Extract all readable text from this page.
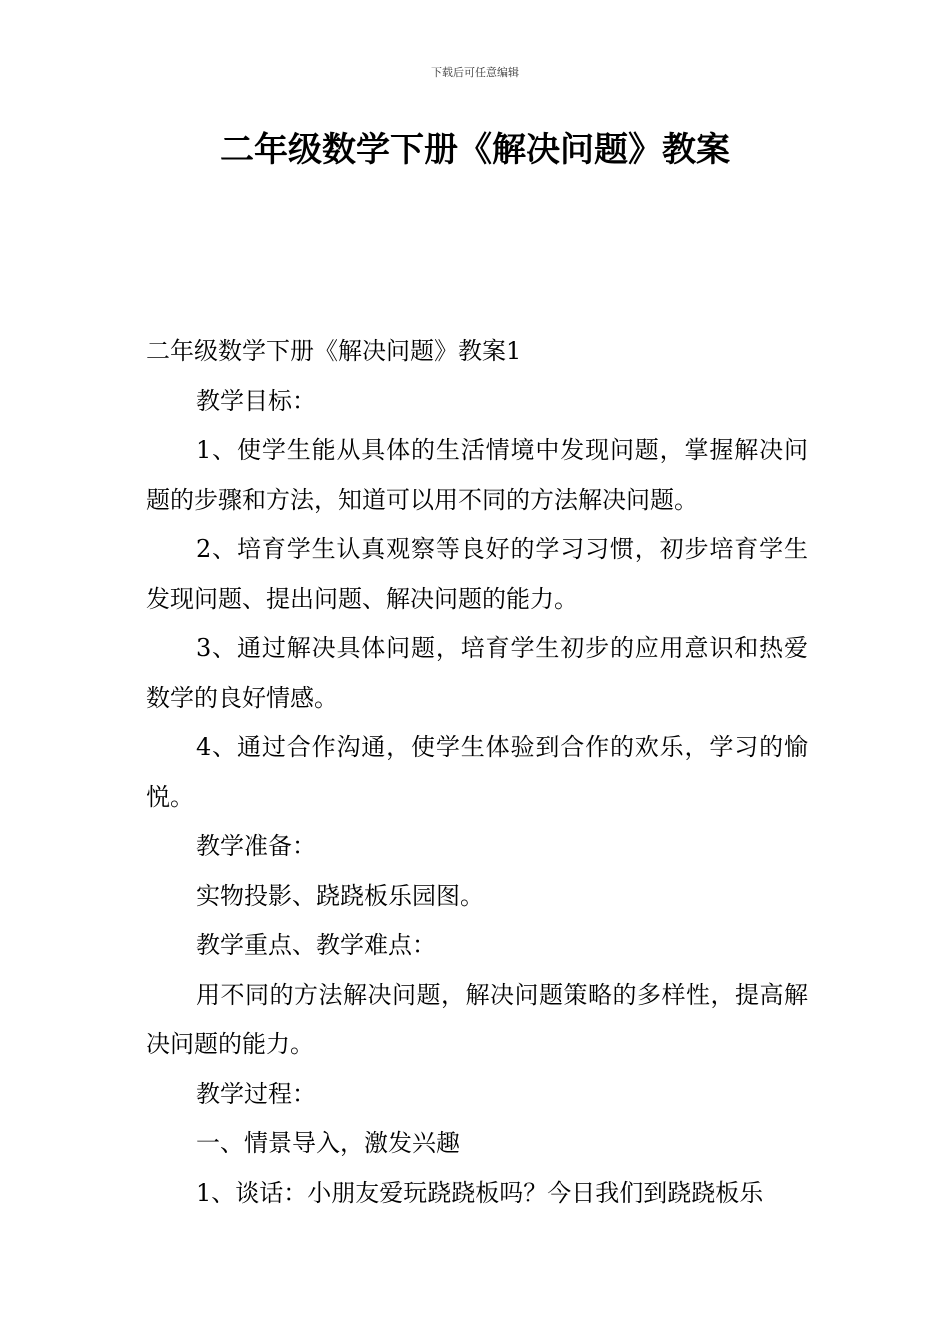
下载后可任意编辑
二年级数学下册《解决问题》教案

二年级数学下册《解决问题》教案1

教学目标：

1、使学生能从具体的生活情境中发现问题，掌握解决问题的步骤和方法，知道可以用不同的方法解决问题。

2、培育学生认真观察等良好的学习习惯，初步培育学生发现问题、提出问题、解决问题的能力。

3、通过解决具体问题，培育学生初步的应用意识和热爱数学的良好情感。

4、通过合作沟通，使学生体验到合作的欢乐，学习的愉悦。

教学准备：

实物投影、跷跷板乐园图。

教学重点、教学难点：

用不同的方法解决问题，解决问题策略的多样性，提高解决问题的能力。

教学过程：

一、情景导入，激发兴趣

1、谈话：小朋友爱玩跷跷板吗？今日我们到跷跷板乐
